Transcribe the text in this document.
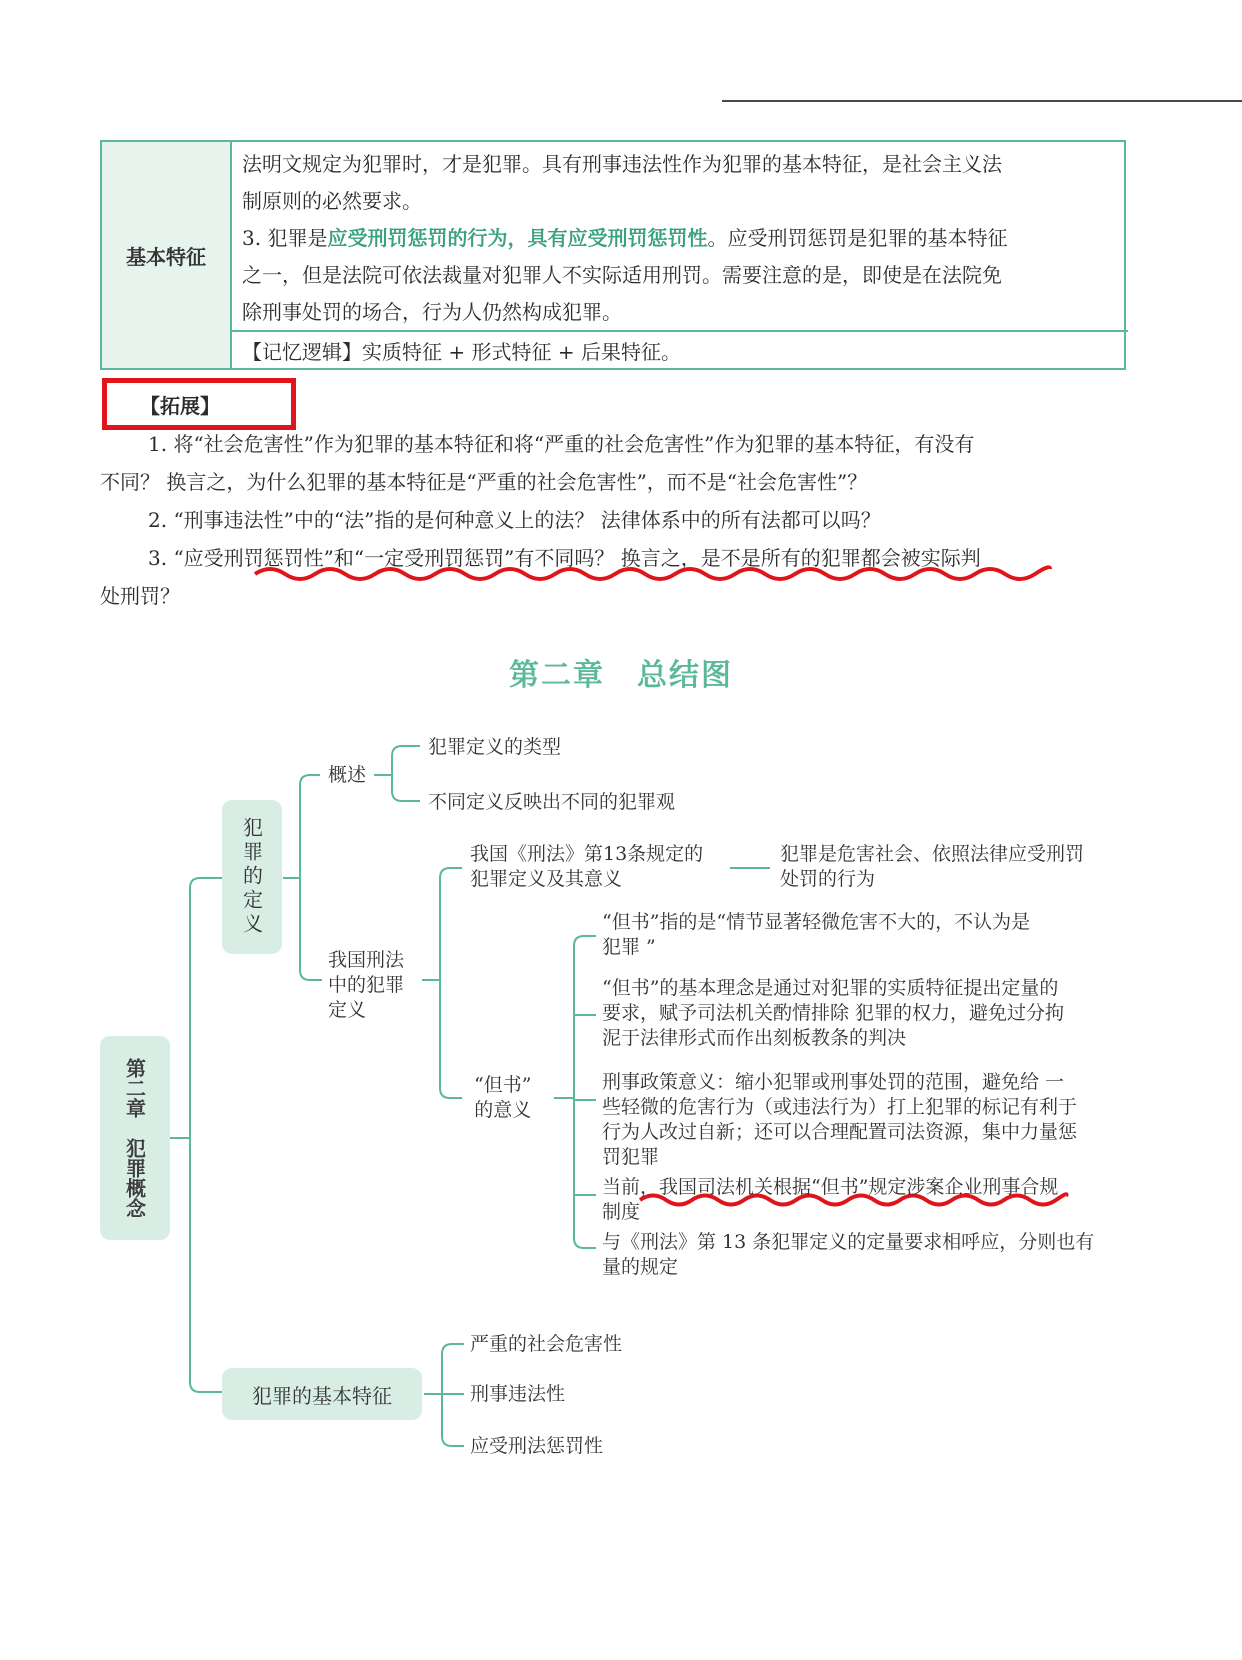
基本特征
法明文规定为犯罪时，才是犯罪。具有刑事违法性作为犯罪的基本特征，是社会主义法
制原则的必然要求。
3. 犯罪是应受刑罚惩罚的行为，具有应受刑罚惩罚性。应受刑罚惩罚是犯罪的基本特征
之一，但是法院可依法裁量对犯罪人不实际适用刑罚。需要注意的是，即使是在法院免
除刑事处罚的场合，行为人仍然构成犯罪。
【记忆逻辑】实质特征 + 形式特征 + 后果特征。
【拓展】
1. 将“社会危害性”作为犯罪的基本特征和将“严重的社会危害性”作为犯罪的基本特征，有没有
不同？ 换言之，为什么犯罪的基本特征是“严重的社会危害性”，而不是“社会危害性”？
2. “刑事违法性”中的“法”指的是何种意义上的法？ 法律体系中的所有法都可以吗？
3. “应受刑罚惩罚性”和“一定受刑罚惩罚”有不同吗？ 换言之，是不是所有的犯罪都会被实际判
处刑罚？
第二章　总结图
第二章　犯罪概念
犯罪的定义
概述
犯罪定义的类型
不同定义反映出不同的犯罪观
我国刑法
中的犯罪
定义
我国《刑法》第13条规定的
犯罪定义及其意义
犯罪是危害社会、依照法律应受刑罚
处罚的行为
“但书”
的意义
“但书”指的是“情节显著轻微危害不大的，不认为是
犯罪 ”
“但书”的基本理念是通过对犯罪的实质特征提出定量的
要求，赋予司法机关酌情排除 犯罪的权力，避免过分拘
泥于法律形式而作出刻板教条的判决
刑事政策意义：缩小犯罪或刑事处罚的范围，避免给 一
些轻微的危害行为（或违法行为）打上犯罪的标记有利于
行为人改过自新；还可以合理配置司法资源，集中力量惩
罚犯罪
当前，我国司法机关根据“但书”规定涉案企业刑事合规
制度
与《刑法》第 13 条犯罪定义的定量要求相呼应，分则也有
量的规定
犯罪的基本特征
严重的社会危害性
刑事违法性
应受刑法惩罚性
